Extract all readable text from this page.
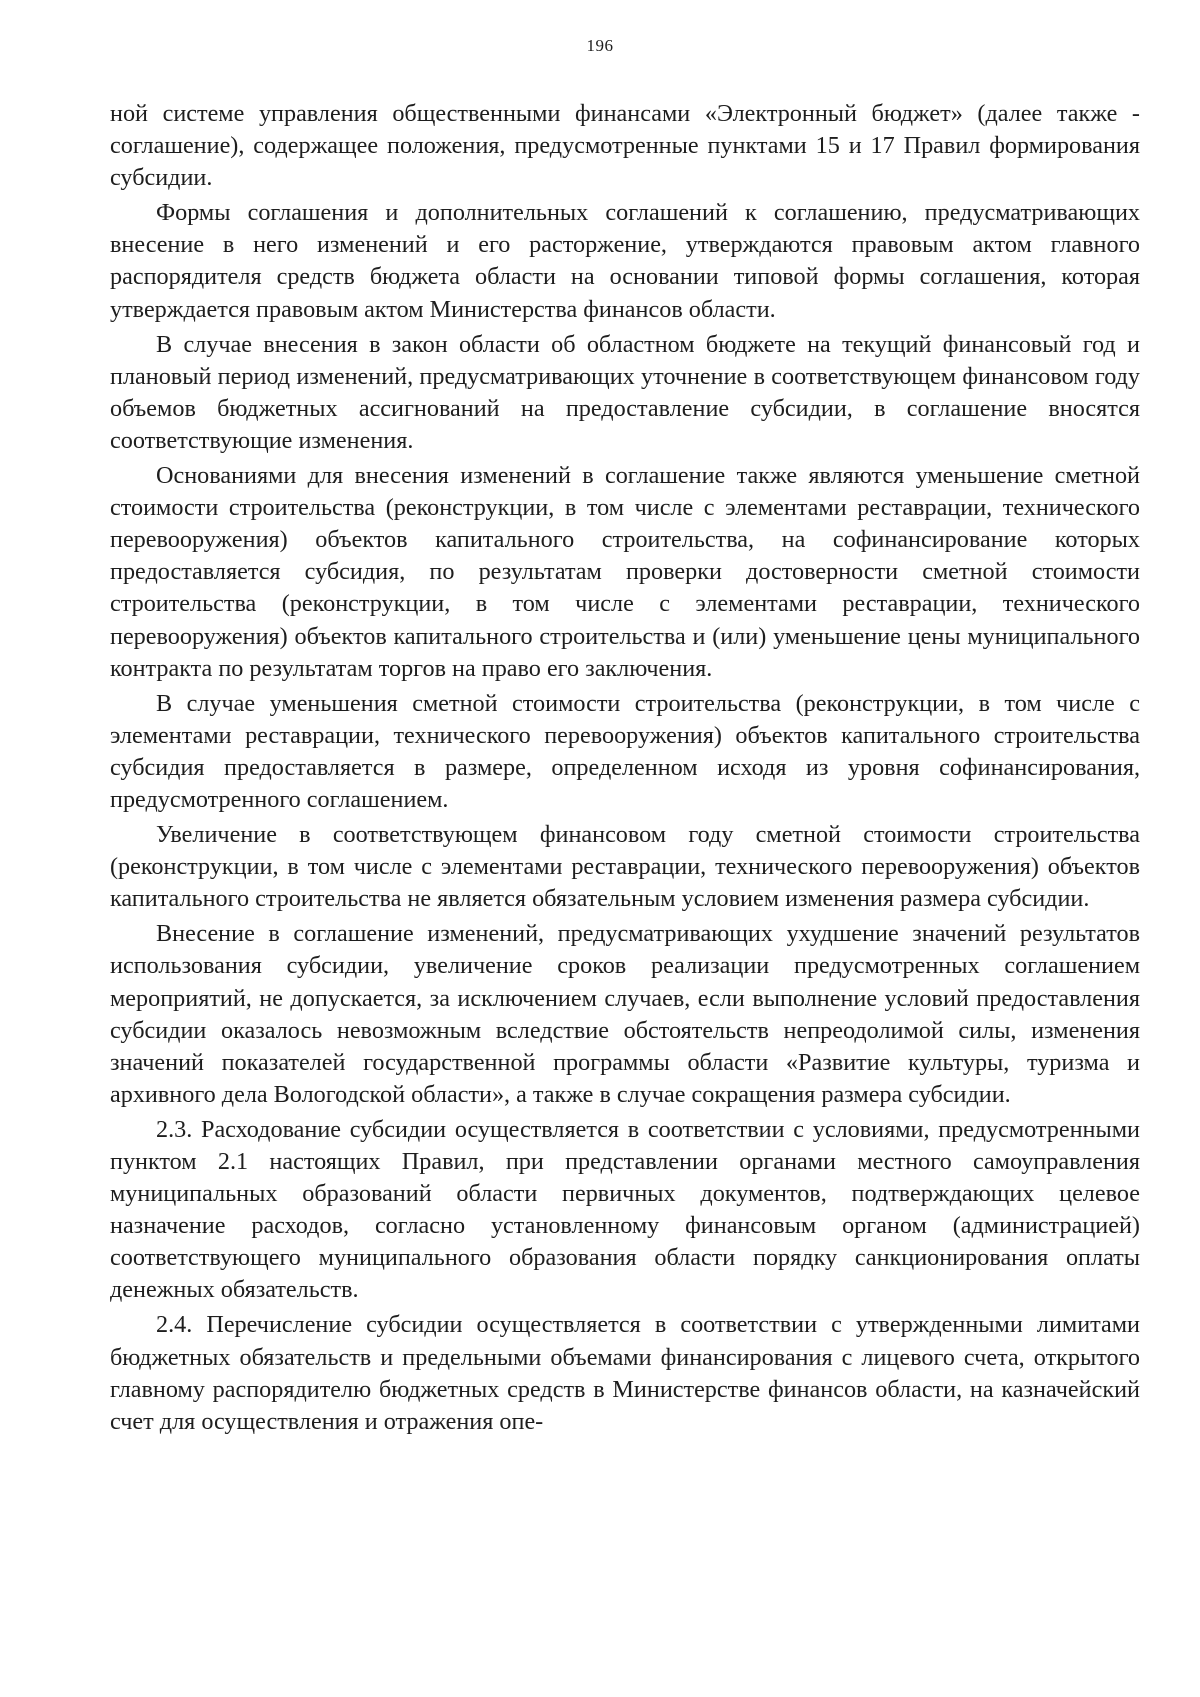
196

ной системе управления общественными финансами «Электронный бюджет» (далее также - соглашение), содержащее положения, предусмотренные пунктами 15 и 17 Правил формирования субсидии.

Формы соглашения и дополнительных соглашений к соглашению, предусматривающих внесение в него изменений и его расторжение, утверждаются правовым актом главного распорядителя средств бюджета области на основании типовой формы соглашения, которая утверждается правовым актом Министерства финансов области.

В случае внесения в закон области об областном бюджете на текущий финансовый год и плановый период изменений, предусматривающих уточнение в соответствующем финансовом году объемов бюджетных ассигнований на предоставление субсидии, в соглашение вносятся соответствующие изменения.

Основаниями для внесения изменений в соглашение также являются уменьшение сметной стоимости строительства (реконструкции, в том числе с элементами реставрации, технического перевооружения) объектов капитального строительства, на софинансирование которых предоставляется субсидия, по результатам проверки достоверности сметной стоимости строительства (реконструкции, в том числе с элементами реставрации, технического перевооружения) объектов капитального строительства и (или) уменьшение цены муниципального контракта по результатам торгов на право его заключения.

В случае уменьшения сметной стоимости строительства (реконструкции, в том числе с элементами реставрации, технического перевооружения) объектов капитального строительства субсидия предоставляется в размере, определенном исходя из уровня софинансирования, предусмотренного соглашением.

Увеличение в соответствующем финансовом году сметной стоимости строительства (реконструкции, в том числе с элементами реставрации, технического перевооружения) объектов капитального строительства не является обязательным условием изменения размера субсидии.

Внесение в соглашение изменений, предусматривающих ухудшение значений результатов использования субсидии, увеличение сроков реализации предусмотренных соглашением мероприятий, не допускается, за исключением случаев, если выполнение условий предоставления субсидии оказалось невозможным вследствие обстоятельств непреодолимой силы, изменения значений показателей государственной программы области «Развитие культуры, туризма и архивного дела Вологодской области», а также в случае сокращения размера субсидии.

2.3. Расходование субсидии осуществляется в соответствии с условиями, предусмотренными пунктом 2.1 настоящих Правил, при представлении органами местного самоуправления муниципальных образований области первичных документов, подтверждающих целевое назначение расходов, согласно установленному финансовым органом (администрацией) соответствующего муниципального образования области порядку санкционирования оплаты денежных обязательств.

2.4. Перечисление субсидии осуществляется в соответствии с утвержденными лимитами бюджетных обязательств и предельными объемами финансирования с лицевого счета, открытого главному распорядителю бюджетных средств в Министерстве финансов области, на казначейский счет для осуществления и отражения опе-
